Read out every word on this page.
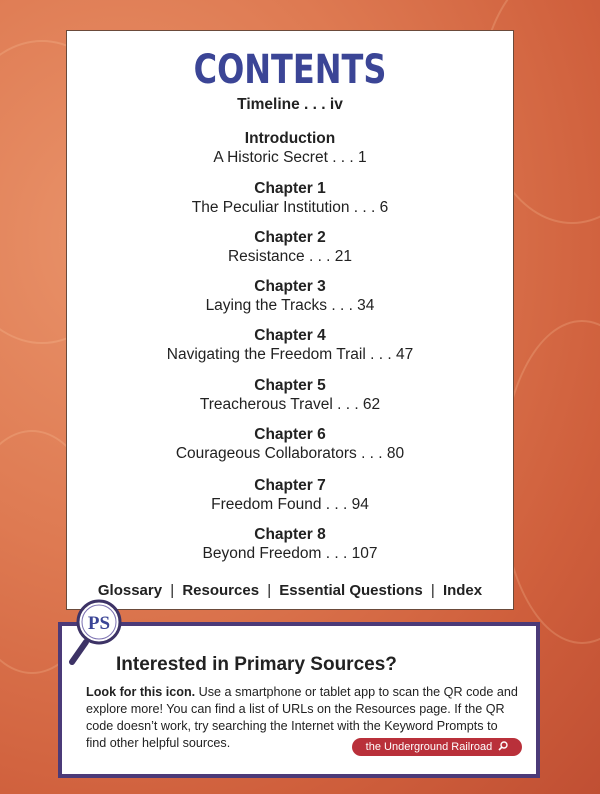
CONTENTS
Timeline . . . iv
Introduction
A Historic Secret . . . 1
Chapter 1
The Peculiar Institution . . . 6
Chapter 2
Resistance . . . 21
Chapter 3
Laying the Tracks . . . 34
Chapter 4
Navigating the Freedom Trail . . . 47
Chapter 5
Treacherous Travel . . . 62
Chapter 6
Courageous Collaborators . . . 80
Chapter 7
Freedom Found . . . 94
Chapter 8
Beyond Freedom . . . 107
Glossary | Resources | Essential Questions | Index
Interested in Primary Sources?
Look for this icon. Use a smartphone or tablet app to scan the QR code and explore more! You can find a list of URLs on the Resources page. If the QR code doesn’t work, try searching the Internet with the Keyword Prompts to find other helpful sources.	the Underground Railroad
PS
